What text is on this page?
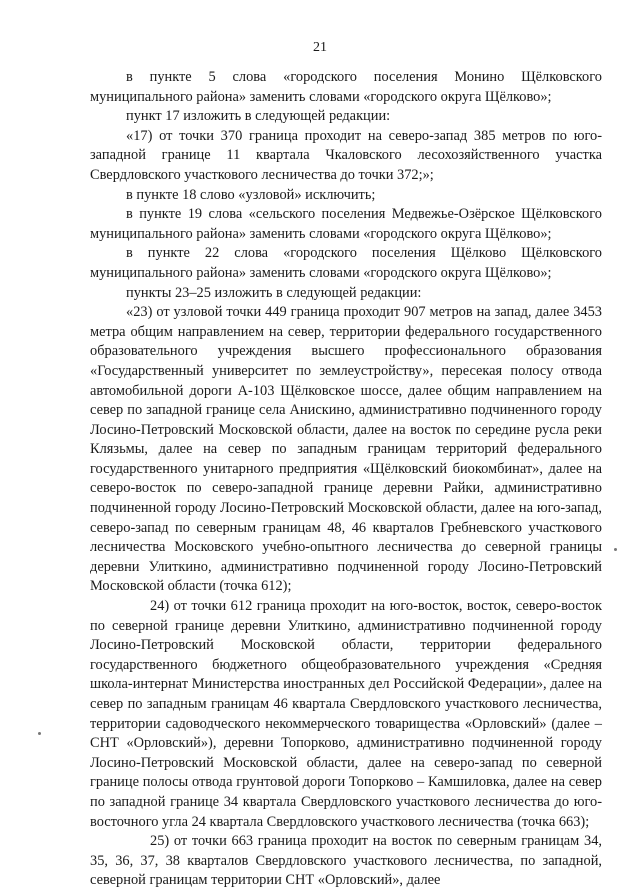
21

в пункте 5 слова «городского поселения Монино Щёлковского муниципального района» заменить словами «городского округа Щёлково»;

пункт 17 изложить в следующей редакции:

«17) от точки 370 граница проходит на северо-запад 385 метров по юго-западной границе 11 квартала Чкаловского лесохозяйственного участка Свердловского участкового лесничества до точки 372;»;

в пункте 18 слово «узловой» исключить;

в пункте 19 слова «сельского поселения Медвежье-Озёрское Щёлковского муниципального района» заменить словами «городского округа Щёлково»;

в пункте 22 слова «городского поселения Щёлково Щёлковского муниципального района» заменить словами «городского округа Щёлково»;

пункты 23–25 изложить в следующей редакции:

«23) от узловой точки 449 граница проходит 907 метров на запад, далее 3453 метра общим направлением на север, территории федерального государственного образовательного учреждения высшего профессионального образования «Государственный университет по землеустройству», пересекая полосу отвода автомобильной дороги А-103 Щёлковское шоссе, далее общим направлением на север по западной границе села Анискино, административно подчиненного городу Лосино-Петровский Московской области, далее на восток по середине русла реки Клязьмы, далее на север по западным границам территорий федерального государственного унитарного предприятия «Щёлковский биокомбинат», далее на северо-восток по северо-западной границе деревни Райки, административно подчиненной городу Лосино-Петровский Московской области, далее на юго-запад, северо-запад по северным границам 48, 46 кварталов Гребневского участкового лесничества Московского учебно-опытного лесничества до северной границы деревни Улиткино, административно подчиненной городу Лосино-Петровский Московской области (точка 612);

24) от точки 612 граница проходит на юго-восток, восток, северо-восток по северной границе деревни Улиткино, административно подчиненной городу Лосино-Петровский Московской области, территории федерального государственного бюджетного общеобразовательного учреждения «Средняя школа-интернат Министерства иностранных дел Российской Федерации», далее на север по западным границам 46 квартала Свердловского участкового лесничества, территории садоводческого некоммерческого товарищества «Орловский» (далее – СНТ «Орловский»), деревни Топорково, административно подчиненной городу Лосино-Петровский Московской области, далее на северо-запад по северной границе полосы отвода грунтовой дороги Топорково – Камшиловка, далее на север по западной границе 34 квартала Свердловского участкового лесничества до юго-восточного угла 24 квартала Свердловского участкового лесничества (точка 663);

25) от точки 663 граница проходит на восток по северным границам 34, 35, 36, 37, 38 кварталов Свердловского участкового лесничества, по западной, северной границам территории СНТ «Орловский», далее
